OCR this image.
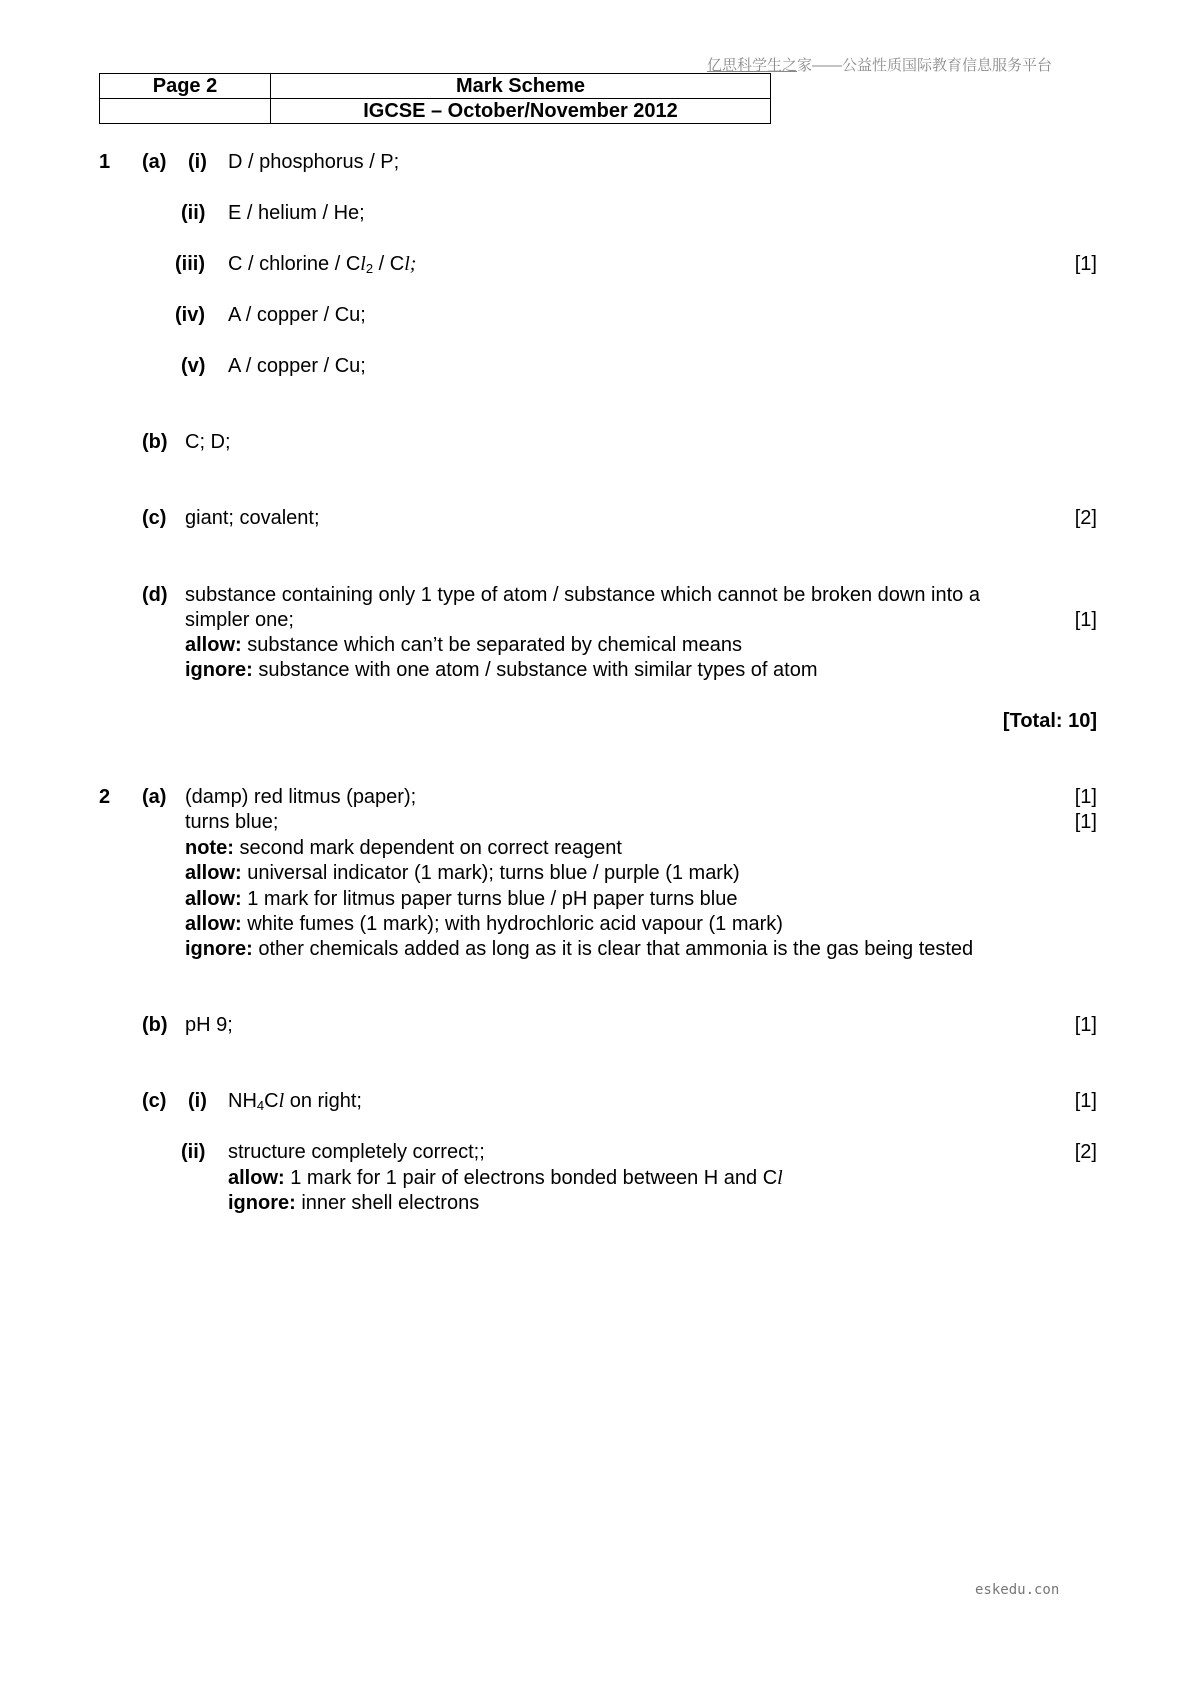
亿思科学生之家——公益性质国际教育信息服务平台
Page 2	Mark Scheme
	IGCSE – October/November 2012
1 (a) (i) D / phosphorus / P;
(ii) E / helium / He;
(iii) C / chlorine / $Cl_2$ / Cl;	[1]
(iv) A / copper / Cu;
(v) A / copper / Cu;
(b) C; D;
(c) giant; covalent;	[2]
(d) substance containing only 1 type of atom / substance which cannot be broken down into a
simpler one;	[1]
allow: substance which can’t be separated by chemical means
ignore: substance with one atom / substance with similar types of atom
[Total: 10]
2 (a) (damp) red litmus (paper);	[1]
turns blue;	[1]
note: second mark dependent on correct reagent
allow: universal indicator (1 mark); turns blue / purple (1 mark)
allow: 1 mark for litmus paper turns blue / pH paper turns blue
allow: white fumes (1 mark); with hydrochloric acid vapour (1 mark)
ignore: other chemicals added as long as it is clear that ammonia is the gas being tested
(b) pH 9;	[1]
(c) (i) $NH_4Cl$ on right;	[1]
(ii) structure completely correct;;	[2]
allow: 1 mark for 1 pair of electrons bonded between H and Cl
ignore: inner shell electrons
eskedu.con
